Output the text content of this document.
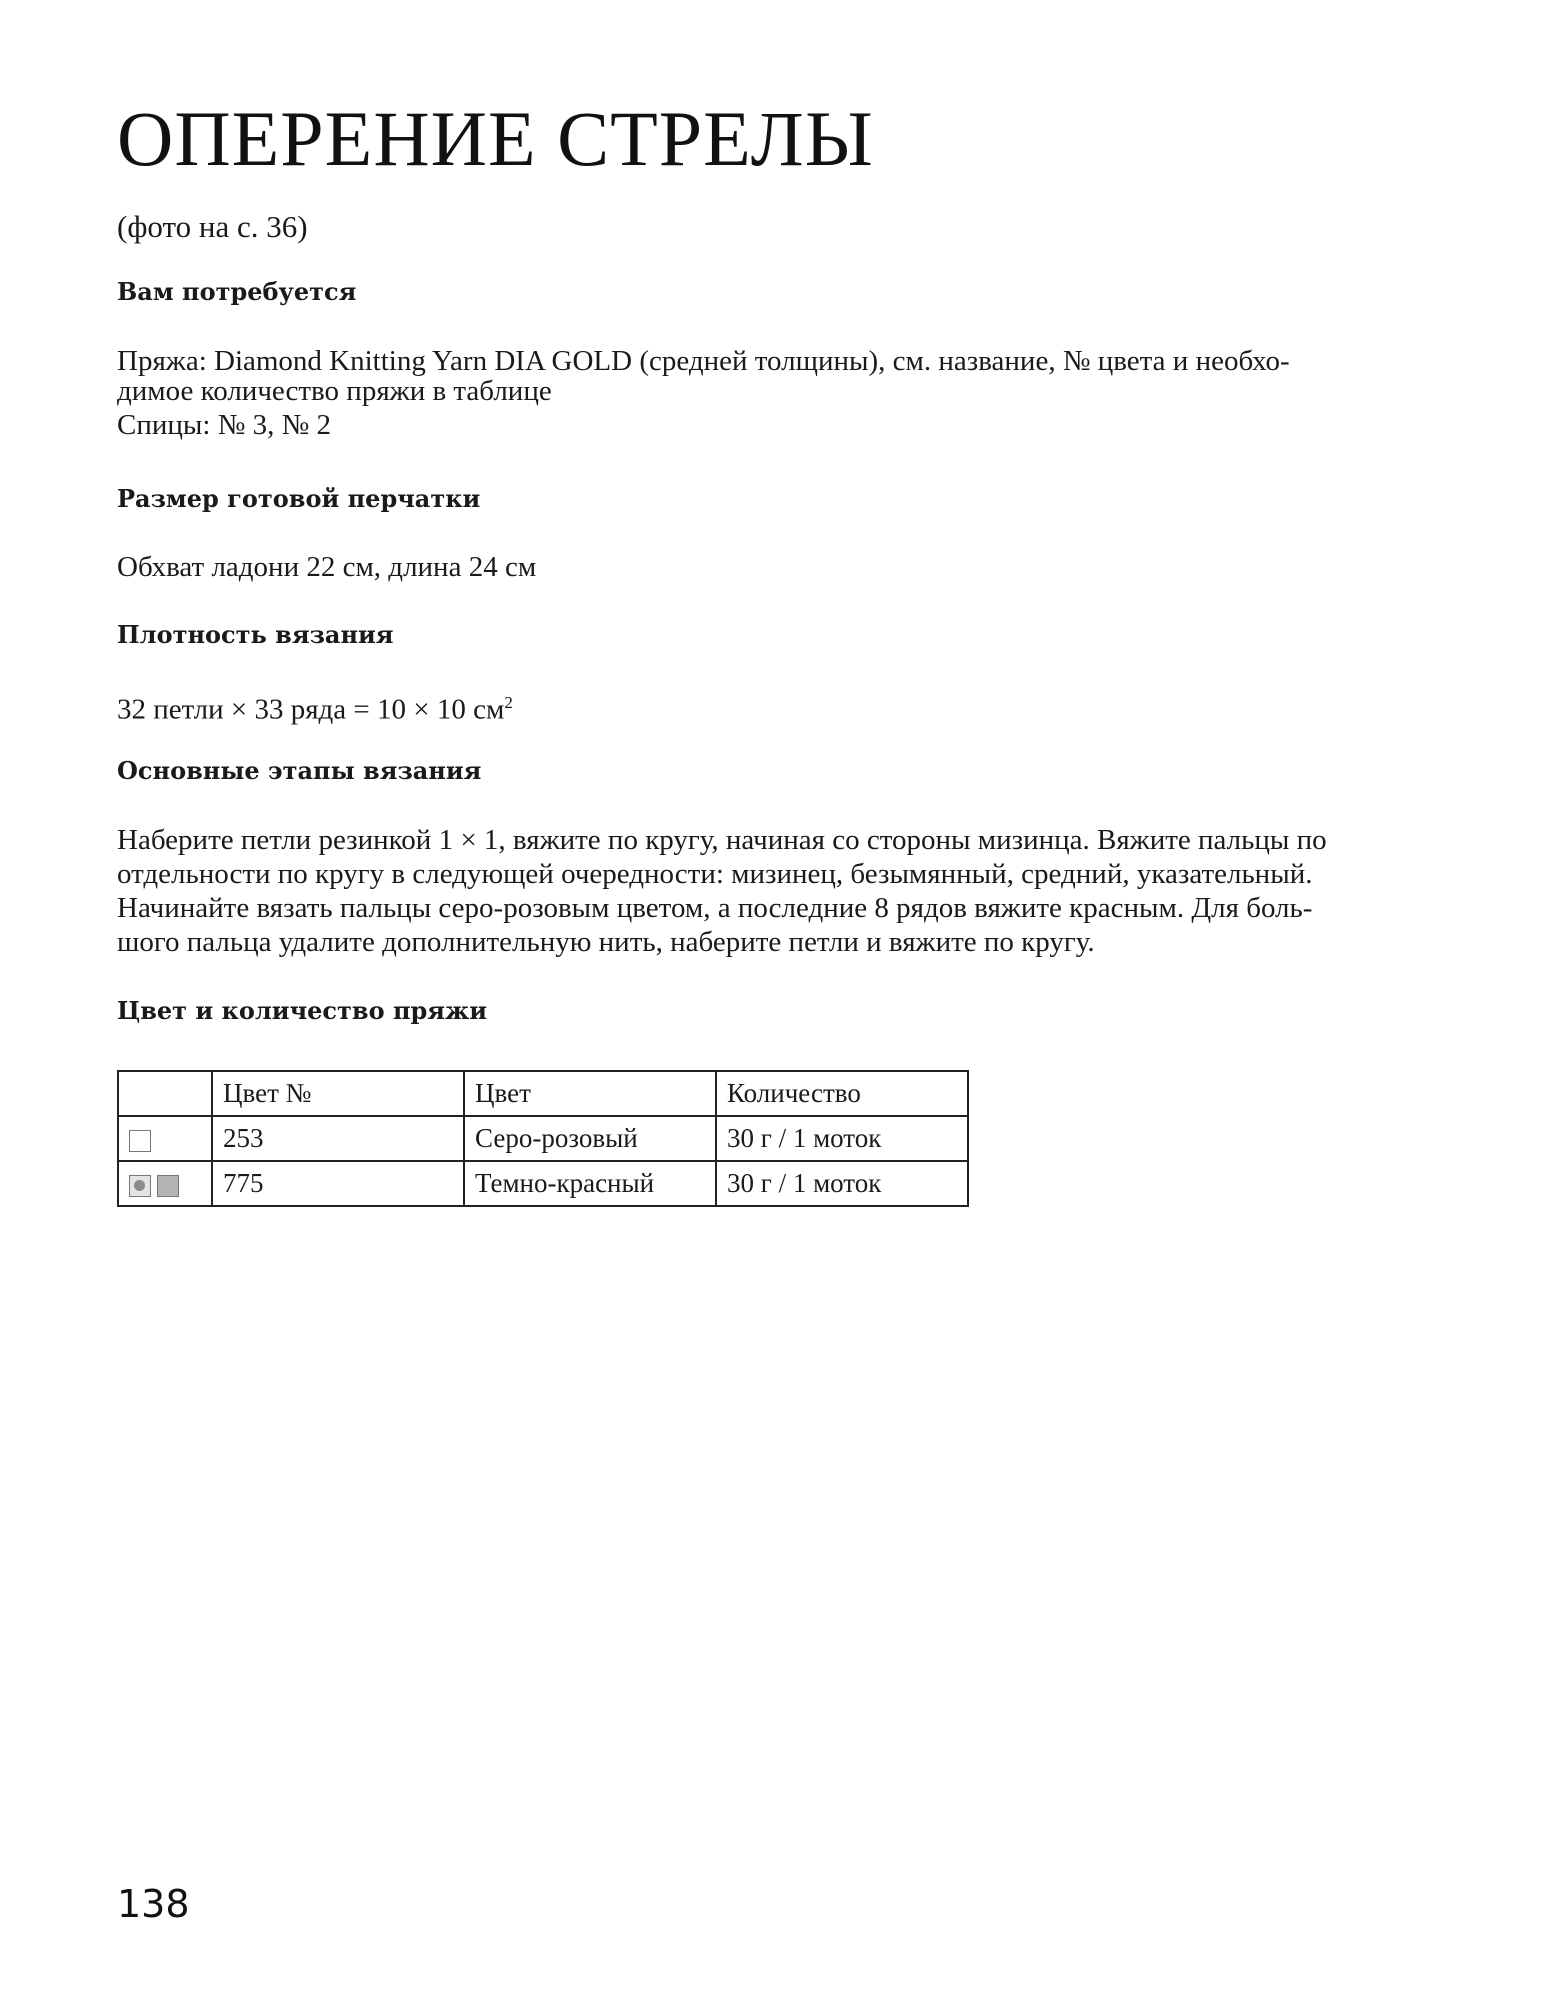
ОПЕРЕНИЕ СТРЕЛЫ
(фото на с. 36)
Вам потребуется
Пряжа: Diamond Knitting Yarn DIA GOLD (средней толщины), см. название, № цвета и необхо-
димое количество пряжи в таблице
Спицы: № 3, № 2
Размер готовой перчатки
Обхват ладони 22 см, длина 24 см
Плотность вязания
32 петли × 33 ряда = 10 × 10 $см^2$
Основные этапы вязания
Наберите петли резинкой 1 × 1, вяжите по кругу, начиная со стороны мизинца. Вяжите пальцы по
отдельности по кругу в следующей очередности: мизинец, безымянный, средний, указательный.
Начинайте вязать пальцы серо-розовым цветом, а последние 8 рядов вяжите красным. Для боль-
шого пальца удалите дополнительную нить, наберите петли и вяжите по кругу.
Цвет и количество пряжи
	Цвет №	Цвет	Количество
	253	Серо-розовый	30 г / 1 моток
	775	Темно-красный	30 г / 1 моток
138
